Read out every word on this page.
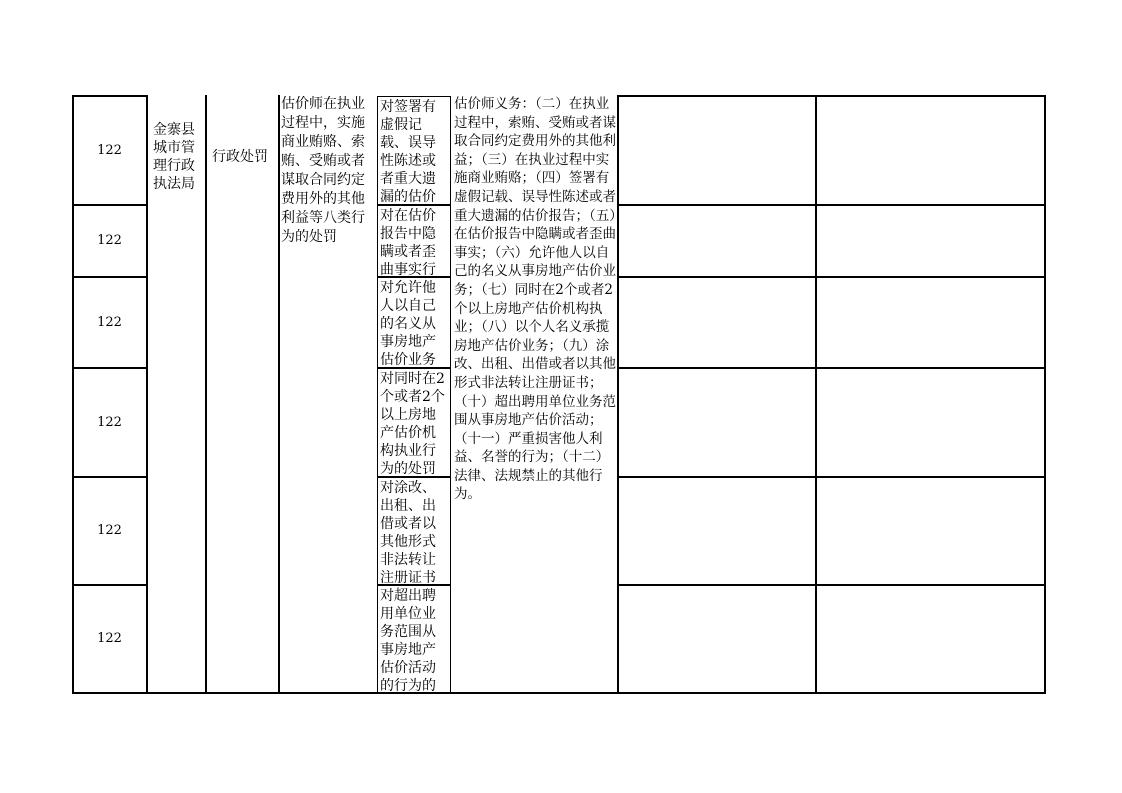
122
122
122
122
122
122
金寨县城市管理行政执法局
行政处罚
估价师在执业过程中，实施商业贿赂、索贿、受贿或者谋取合同约定费用外的其他利益等八类行为的处罚
对签署有虚假记载、误导性陈述或者重大遗漏的估价
对在估价报告中隐瞒或者歪曲事实行
对允许他人以自己的名义从事房地产估价业务
对同时在2个或者2个以上房地产估价机构执业行为的处罚
对涂改、出租、出借或者以其他形式非法转让注册证书
对超出聘用单位业务范围从事房地产估价活动的行为的
估价师义务：（二）在执业过程中，索贿、受贿或者谋取合同约定费用外的其他利益；（三）在执业过程中实施商业贿赂；（四）签署有虚假记载、误导性陈述或者重大遗漏的估价报告；（五）在估价报告中隐瞒或者歪曲事实；（六）允许他人以自己的名义从事房地产估价业务；（七）同时在2个或者2个以上房地产估价机构执业；（八）以个人名义承揽房地产估价业务；（九）涂改、出租、出借或者以其他形式非法转让注册证书；（十）超出聘用单位业务范围从事房地产估价活动；（十一）严重损害他人利益、名誉的行为；（十二）法律、法规禁止的其他行为。
